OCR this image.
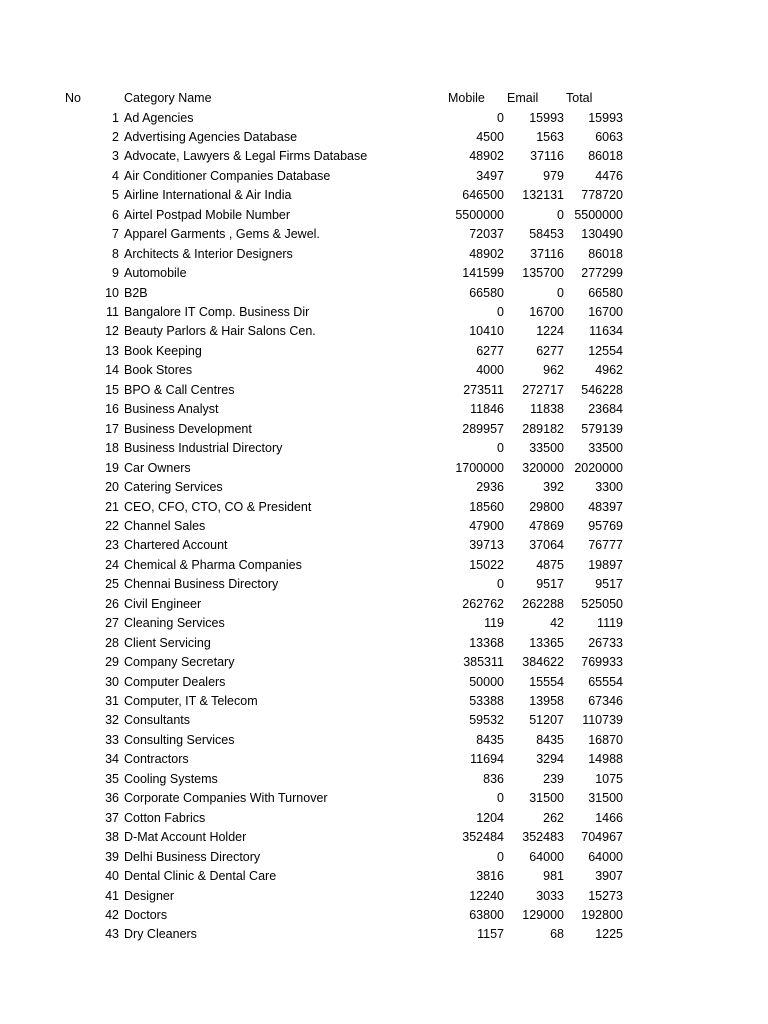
No	Category Name	Mobile Email Total
1 Ad Agencies	0 15993 15993
2 Advertising Agencies Database	4500	1563 6063
3 Advocate, Lawyers & Legal Firms Database	48902 37116 86018
4 Air Conditioner Companies Database	3497	979 4476
5 Airline International & Air India	646500 132131 778720
6 Airtel Postpad Mobile Number	5500000	0 5500000
7 Apparel Garments , Gems & Jewel.	72037 58453 130490
8 Architects & Interior Designers	48902 37116 86018
9 Automobile	141599 135700 277299
10 B2B	66580	0 66580
11 Bangalore IT Comp. Business Dir	0 16700 16700
12 Beauty Parlors & Hair Salons Cen.	10410	1224 11634
13 Book Keeping	6277	6277 12554
14 Book Stores	4000	962 4962
15 BPO & Call Centres	273511 272717 546228
16 Business Analyst	11846 11838 23684
17 Business Development	289957 289182 579139
18 Business Industrial Directory	0 33500 33500
19 Car Owners	1700000 320000 2020000
20 Catering Services	2936	392 3300
21 CEO, CFO, CTO, CO & President	18560 29800 48397
22 Channel Sales	47900 47869 95769
23 Chartered Account	39713 37064 76777
24 Chemical & Pharma Companies	15022	4875 19897
25 Chennai Business Directory	0	9517 9517
26 Civil Engineer	262762 262288 525050
27 Cleaning Services	119	42	1119
28 Client Servicing	13368 13365 26733
29 Company Secretary	385311 384622 769933
30 Computer Dealers	50000 15554 65554
31 Computer, IT & Telecom	53388 13958 67346
32 Consultants	59532 51207 110739
33 Consulting Services	8435	8435 16870
34 Contractors	11694	3294 14988
35 Cooling Systems	836	239 1075
36 Corporate Companies With Turnover	0 31500 31500
37 Cotton Fabrics	1204	262 1466
38 D-Mat Account Holder	352484 352483 704967
39 Delhi Business Directory	0 64000 64000
40 Dental Clinic & Dental Care	3816	981 3907
41 Designer	12240	3033 15273
42 Doctors	63800 129000 192800
43 Dry Cleaners	1157	68 1225
